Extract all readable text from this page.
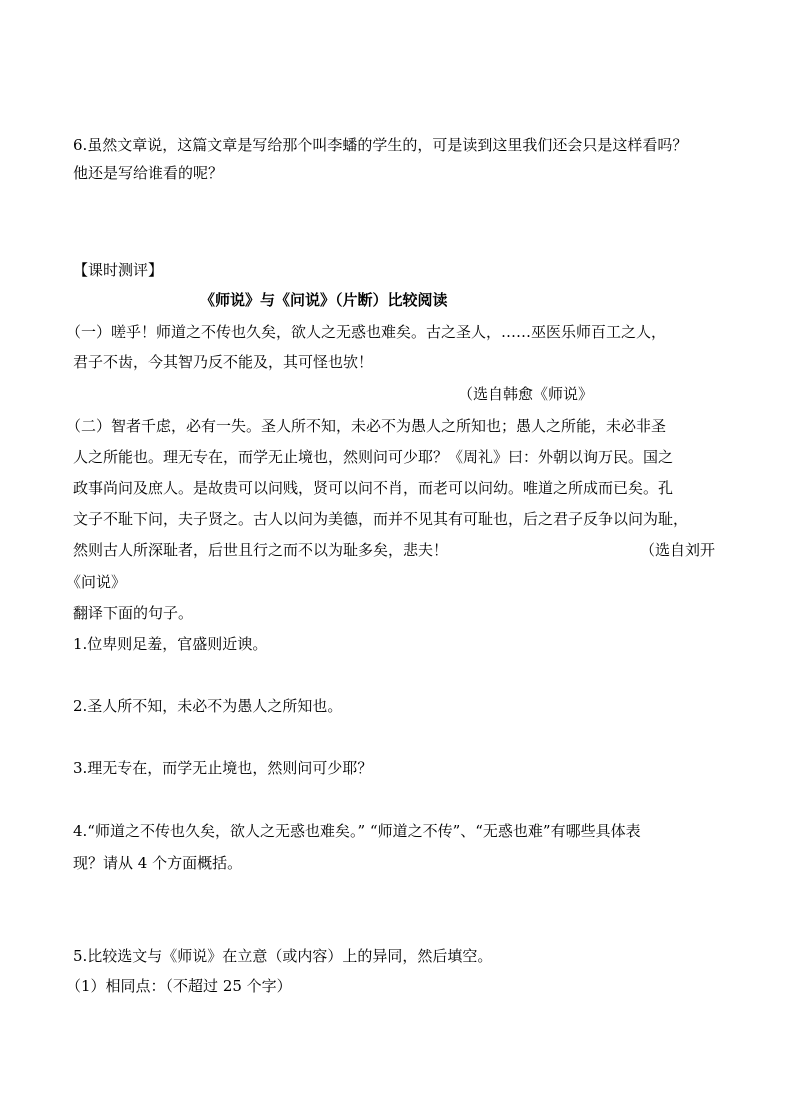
6.虽然文章说，这篇文章是写给那个叫李蟠的学生的，可是读到这里我们还会只是这样看吗？
他还是写给谁看的呢？
【课时测评】
《师说》与《问说》（片断）比较阅读
（一）嗟乎！师道之不传也久矣，欲人之无惑也难矣。古之圣人，……巫医乐师百工之人，
君子不齿，今其智乃反不能及，其可怪也欤！
（选自韩愈《师说》
（二）智者千虑，必有一失。圣人所不知，未必不为愚人之所知也；愚人之所能，未必非圣
人之所能也。理无专在，而学无止境也，然则问可少耶？《周礼》曰：外朝以询万民。国之
政事尚问及庶人。是故贵可以问贱，贤可以问不肖，而老可以问幼。唯道之所成而已矣。孔
文子不耻下问，夫子贤之。古人以问为美德，而并不见其有可耻也，后之君子反争以问为耻，
然则古人所深耻者，后世且行之而不以为耻多矣，悲夫！	（选自刘开
《问说》
翻译下面的句子。
1.位卑则足羞，官盛则近谀。
2.圣人所不知，未必不为愚人之所知也。
3.理无专在，而学无止境也，然则问可少耶？
4.“师道之不传也久矣，欲人之无惑也难矣。” “师道之不传”、“无惑也难”有哪些具体表
现？请从 4 个方面概括。
5.比较选文与《师说》在立意（或内容）上的异同，然后填空。
（1）相同点：（不超过 25 个字）
